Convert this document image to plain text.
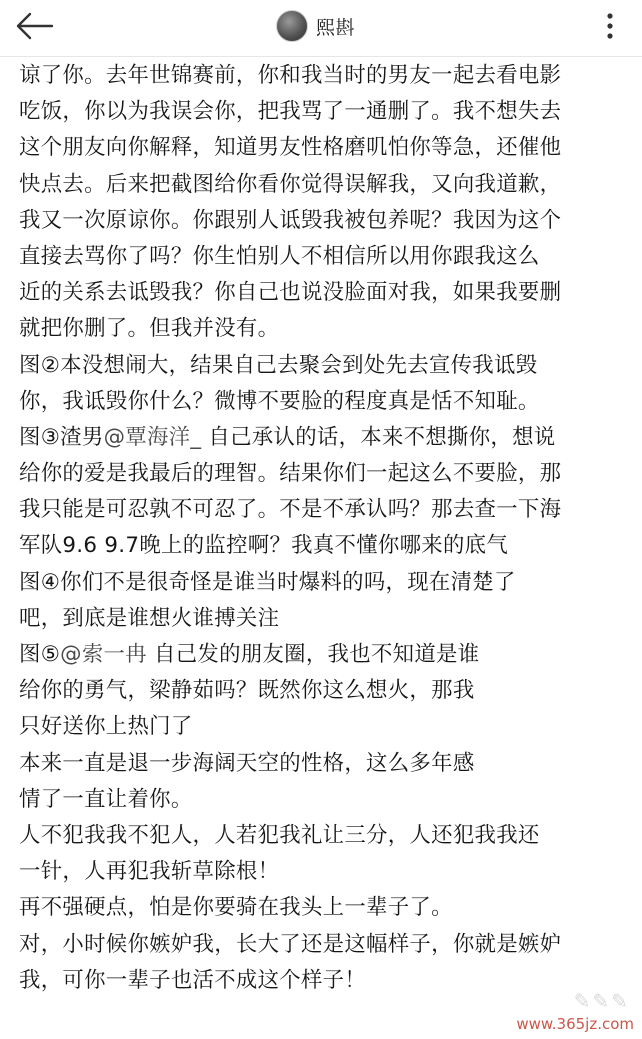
熙斟
谅了你。去年世锦赛前，你和我当时的男友一起去看电影
吃饭，你以为我误会你，把我骂了一通删了。我不想失去
这个朋友向你解释，知道男友性格磨叽怕你等急，还催他
快点去。后来把截图给你看你觉得误解我，又向我道歉，
我又一次原谅你。你跟别人诋毁我被包养呢？我因为这个
直接去骂你了吗？你生怕别人不相信所以用你跟我这么
近的关系去诋毁我？你自己也说没脸面对我，如果我要删
就把你删了。但我并没有。
图②本没想闹大，结果自己去聚会到处先去宣传我诋毁
你，我诋毁你什么？微博不要脸的程度真是恬不知耻。
图③渣男@覃海洋_ 自己承认的话，本来不想撕你，想说
给你的爱是我最后的理智。结果你们一起这么不要脸，那
我只能是可忍孰不可忍了。不是不承认吗？那去查一下海
军队9.6 9.7晚上的监控啊？我真不懂你哪来的底气
图④你们不是很奇怪是谁当时爆料的吗，现在清楚了
吧，到底是谁想火谁搏关注
图⑤@索一冉 自己发的朋友圈，我也不知道是谁
给你的勇气，梁静茹吗？既然你这么想火，那我
只好送你上热门了
本来一直是退一步海阔天空的性格，这么多年感
情了一直让着你。
人不犯我我不犯人，人若犯我礼让三分，人还犯我我还
一针，人再犯我斩草除根！
再不强硬点，怕是你要骑在我头上一辈子了。
对，小时候你嫉妒我，长大了还是这幅样子，你就是嫉妒
我，可你一辈子也活不成这个样子！
✎✎✎
www.365jz.com
